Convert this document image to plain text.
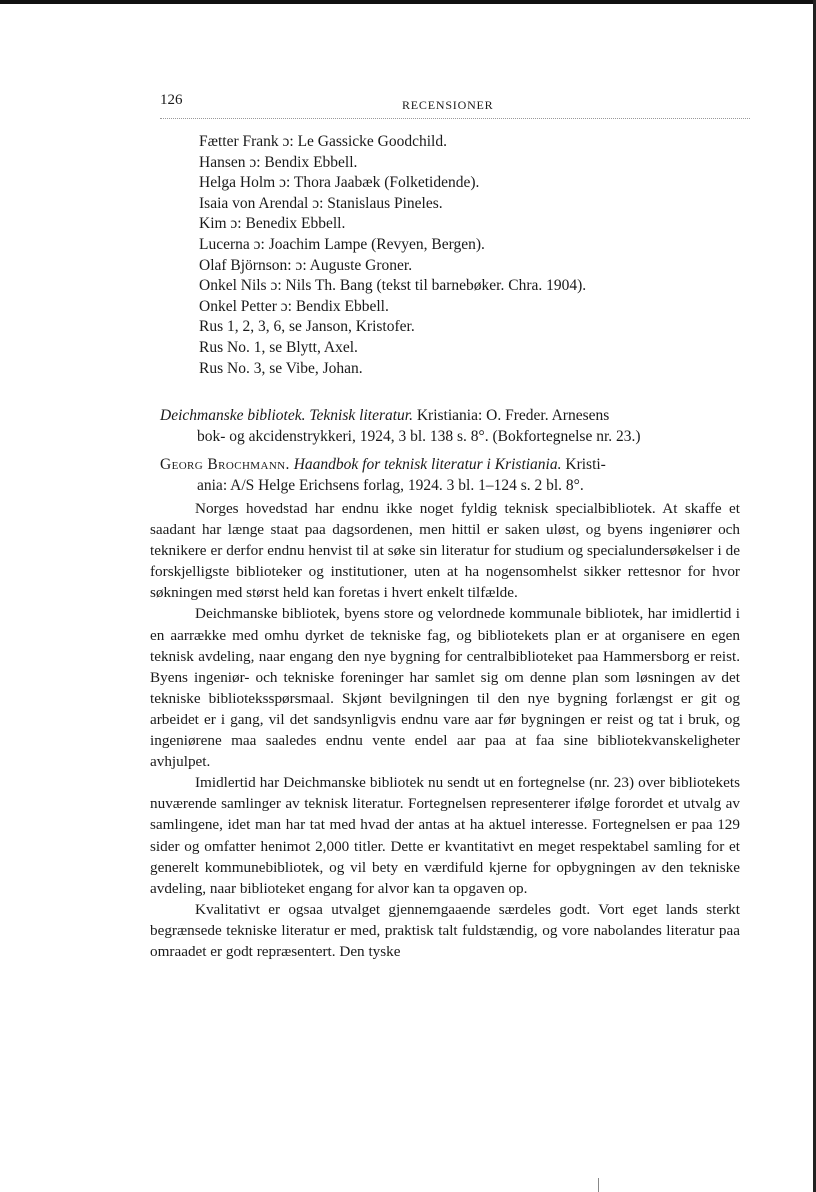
126	RECENSIONER
Fætter Frank ɔ: Le Gassicke Goodchild.
Hansen ɔ: Bendix Ebbell.
Helga Holm ɔ: Thora Jaabæk (Folketidende).
Isaia von Arendal ɔ: Stanislaus Pineles.
Kim ɔ: Benedix Ebbell.
Lucerna ɔ: Joachim Lampe (Revyen, Bergen).
Olaf Björnson: ɔ: Auguste Groner.
Onkel Nils ɔ: Nils Th. Bang (tekst til barnebøker. Chra. 1904).
Onkel Petter ɔ: Bendix Ebbell.
Rus 1, 2, 3, 6, se Janson, Kristofer.
Rus No. 1, se Blytt, Axel.
Rus No. 3, se Vibe, Johan.
Deichmanske bibliotek. Teknisk literatur. Kristiania: O. Freder. Arnesens
bok- og akcidenstrykkeri, 1924, 3 bl. 138 s. 8°. (Bokfortegnelse nr. 23.)
Georg Brochmann. Haandbok for teknisk literatur i Kristiania. Kristi-
ania: A/S Helge Erichsens forlag, 1924. 3 bl. 1–124 s. 2 bl. 8°.

Norges hovedstad har endnu ikke noget fyldig teknisk specialbibliotek. At skaffe et saadant har længe staat paa dagsordenen, men hittil er saken uløst, og byens ingeniører och teknikere er derfor endnu henvist til at søke sin literatur for studium og specialundersøkelser i de forskjelligste biblioteker og institutioner, uten at ha nogensomhelst sikker rettesnor for hvor søkningen med størst held kan foretas i hvert enkelt tilfælde.

Deichmanske bibliotek, byens store og velordnede kommunale bibliotek, har imidlertid i en aarrække med omhu dyrket de tekniske fag, og bibliotekets plan er at organisere en egen teknisk avdeling, naar engang den nye bygning for centralbiblioteket paa Hammersborg er reist. Byens ingeniør- och tekniske foreninger har samlet sig om denne plan som løsningen av det tekniske biblioteksspørsmaal. Skjønt bevilgningen til den nye bygning forlængst er git og arbeidet er i gang, vil det sandsynligvis endnu vare aar før bygningen er reist og tat i bruk, og ingeniørene maa saaledes endnu vente endel aar paa at faa sine bibliotekvanskeligheter avhjulpet.

Imidlertid har Deichmanske bibliotek nu sendt ut en fortegnelse (nr. 23) over bibliotekets nuværende samlinger av teknisk literatur. Fortegnelsen representerer ifølge forordet et utvalg av samlingene, idet man har tat med hvad der antas at ha aktuel interesse. Fortegnelsen er paa 129 sider og omfatter henimot 2,000 titler. Dette er kvantitativt en meget respektabel samling for et generelt kommunebibliotek, og vil bety en værdifuld kjerne for opbygningen av den tekniske avdeling, naar biblioteket engang for alvor kan ta opgaven op.

Kvalitativt er ogsaa utvalget gjennemgaaende særdeles godt. Vort eget lands sterkt begrænsede tekniske literatur er med, praktisk talt fuldstændig, og vore nabolandes literatur paa omraadet er godt repræsentert. Den tyske
